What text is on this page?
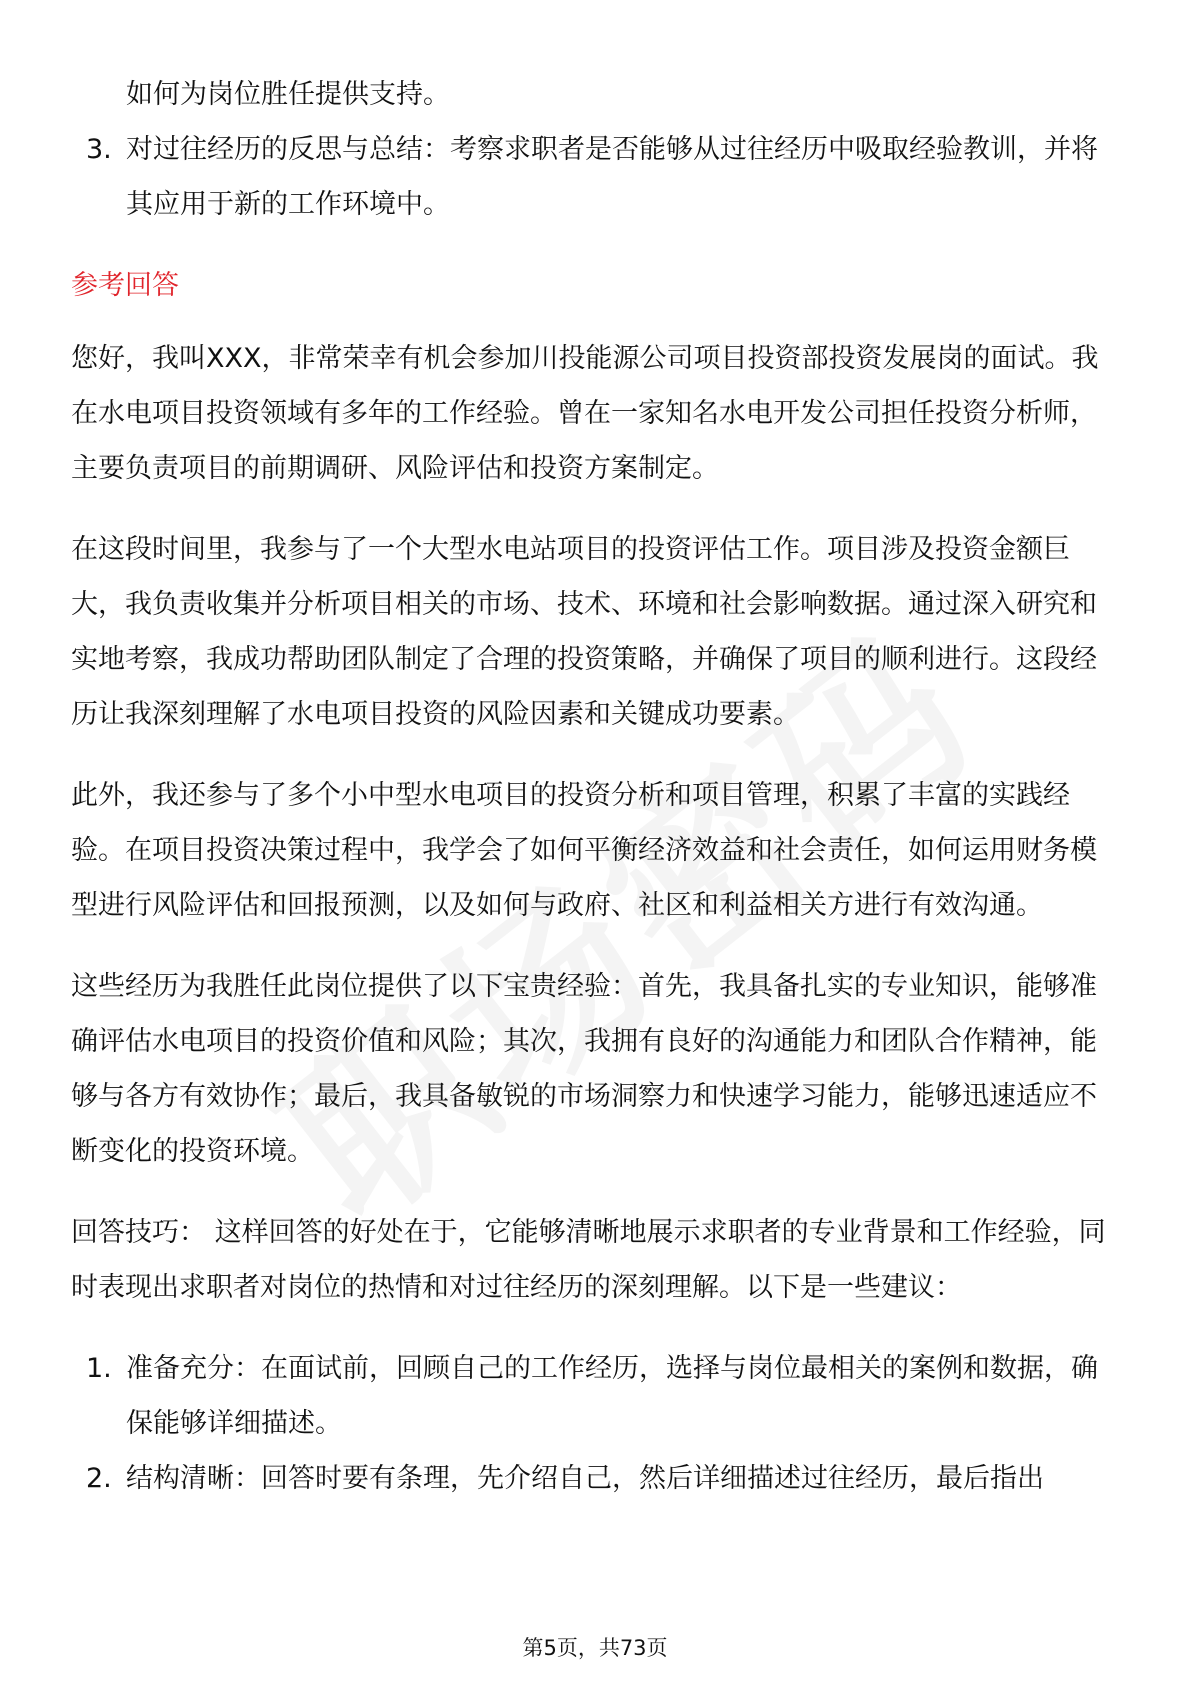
如何为岗位胜任提供支持。
3. 对过往经历的反思与总结：考察求职者是否能够从过往经历中吸取经验教训，并将其应用于新的工作环境中。
参考回答

您好，我叫XXX，非常荣幸有机会参加川投能源公司项目投资部投资发展岗的面试。我在水电项目投资领域有多年的工作经验。曾在一家知名水电开发公司担任投资分析师，主要负责项目的前期调研、风险评估和投资方案制定。

在这段时间里，我参与了一个大型水电站项目的投资评估工作。项目涉及投资金额巨大，我负责收集并分析项目相关的市场、技术、环境和社会影响数据。通过深入研究和实地考察，我成功帮助团队制定了合理的投资策略，并确保了项目的顺利进行。这段经历让我深刻理解了水电项目投资的风险因素和关键成功要素。

此外，我还参与了多个小中型水电项目的投资分析和项目管理，积累了丰富的实践经验。在项目投资决策过程中，我学会了如何平衡经济效益和社会责任，如何运用财务模型进行风险评估和回报预测，以及如何与政府、社区和利益相关方进行有效沟通。

这些经历为我胜任此岗位提供了以下宝贵经验：首先，我具备扎实的专业知识，能够准确评估水电项目的投资价值和风险；其次，我拥有良好的沟通能力和团队合作精神，能够与各方有效协作；最后，我具备敏锐的市场洞察力和快速学习能力，能够迅速适应不断变化的投资环境。

回答技巧： 这样回答的好处在于，它能够清晰地展示求职者的专业背景和工作经验，同时表现出求职者对岗位的热情和对过往经历的深刻理解。以下是一些建议：

1. 准备充分：在面试前，回顾自己的工作经历，选择与岗位最相关的案例和数据，确保能够详细描述。
2. 结构清晰：回答时要有条理，先介绍自己，然后详细描述过往经历，最后指出
第5页，共73页
